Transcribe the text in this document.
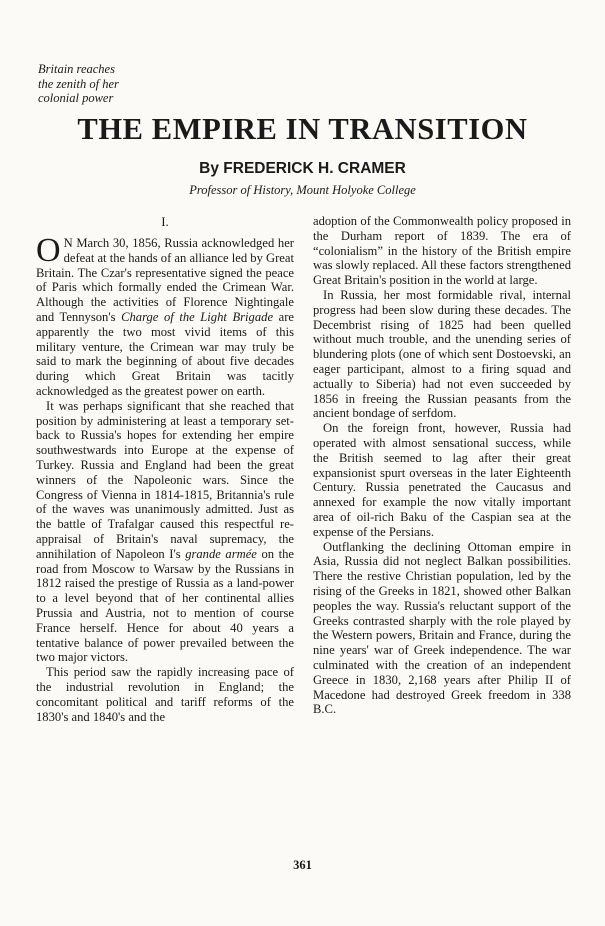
Britain reaches
the zenith of her
colonial power
THE EMPIRE IN TRANSITION
By FREDERICK H. CRAMER
Professor of History, Mount Holyoke College
I.

O N March 30, 1856, Russia acknowledged her defeat at the hands of an alliance led by Great Britain. The Czar's representative signed the peace of Paris which formally ended the Crimean War. Although the activities of Florence Nightingale and Tennyson's Charge of the Light Brigade are apparently the two most vivid items of this military venture, the Crimean war may truly be said to mark the beginning of about five decades during which Great Britain was tacitly acknowledged as the greatest power on earth.

It was perhaps significant that she reached that position by administering at least a temporary set-back to Russia's hopes for extending her empire southwestwards into Europe at the expense of Turkey. Russia and England had been the great winners of the Napoleonic wars. Since the Congress of Vienna in 1814-1815, Britannia's rule of the waves was unanimously admitted. Just as the battle of Trafalgar caused this respectful re-appraisal of Britain's naval supremacy, the annihilation of Napoleon I's grande armée on the road from Moscow to Warsaw by the Russians in 1812 raised the prestige of Russia as a land-power to a level beyond that of her continental allies Prussia and Austria, not to mention of course France herself. Hence for about 40 years a tentative balance of power prevailed between the two major victors.

This period saw the rapidly increasing pace of the industrial revolution in England; the concomitant political and tariff reforms of the 1830's and 1840's and the

adoption of the Commonwealth policy proposed in the Durham report of 1839. The era of “colonialism” in the history of the British empire was slowly replaced. All these factors strengthened Great Britain's position in the world at large.

In Russia, her most formidable rival, internal progress had been slow during these decades. The Decembrist rising of 1825 had been quelled without much trouble, and the unending series of blundering plots (one of which sent Dostoevski, an eager participant, almost to a firing squad and actually to Siberia) had not even succeeded by 1856 in freeing the Russian peasants from the ancient bondage of serfdom.

On the foreign front, however, Russia had operated with almost sensational success, while the British seemed to lag after their great expansionist spurt overseas in the later Eighteenth Century. Russia penetrated the Caucasus and annexed for example the now vitally important area of oil-rich Baku of the Caspian sea at the expense of the Persians.

Outflanking the declining Ottoman empire in Asia, Russia did not neglect Balkan possibilities. There the restive Christian population, led by the rising of the Greeks in 1821, showed other Balkan peoples the way. Russia's reluctant support of the Greeks contrasted sharply with the role played by the Western powers, Britain and France, during the nine years' war of Greek independence. The war culminated with the creation of an independent Greece in 1830, 2,168 years after Philip II of Macedone had destroyed Greek freedom in 338 B.C.

361
